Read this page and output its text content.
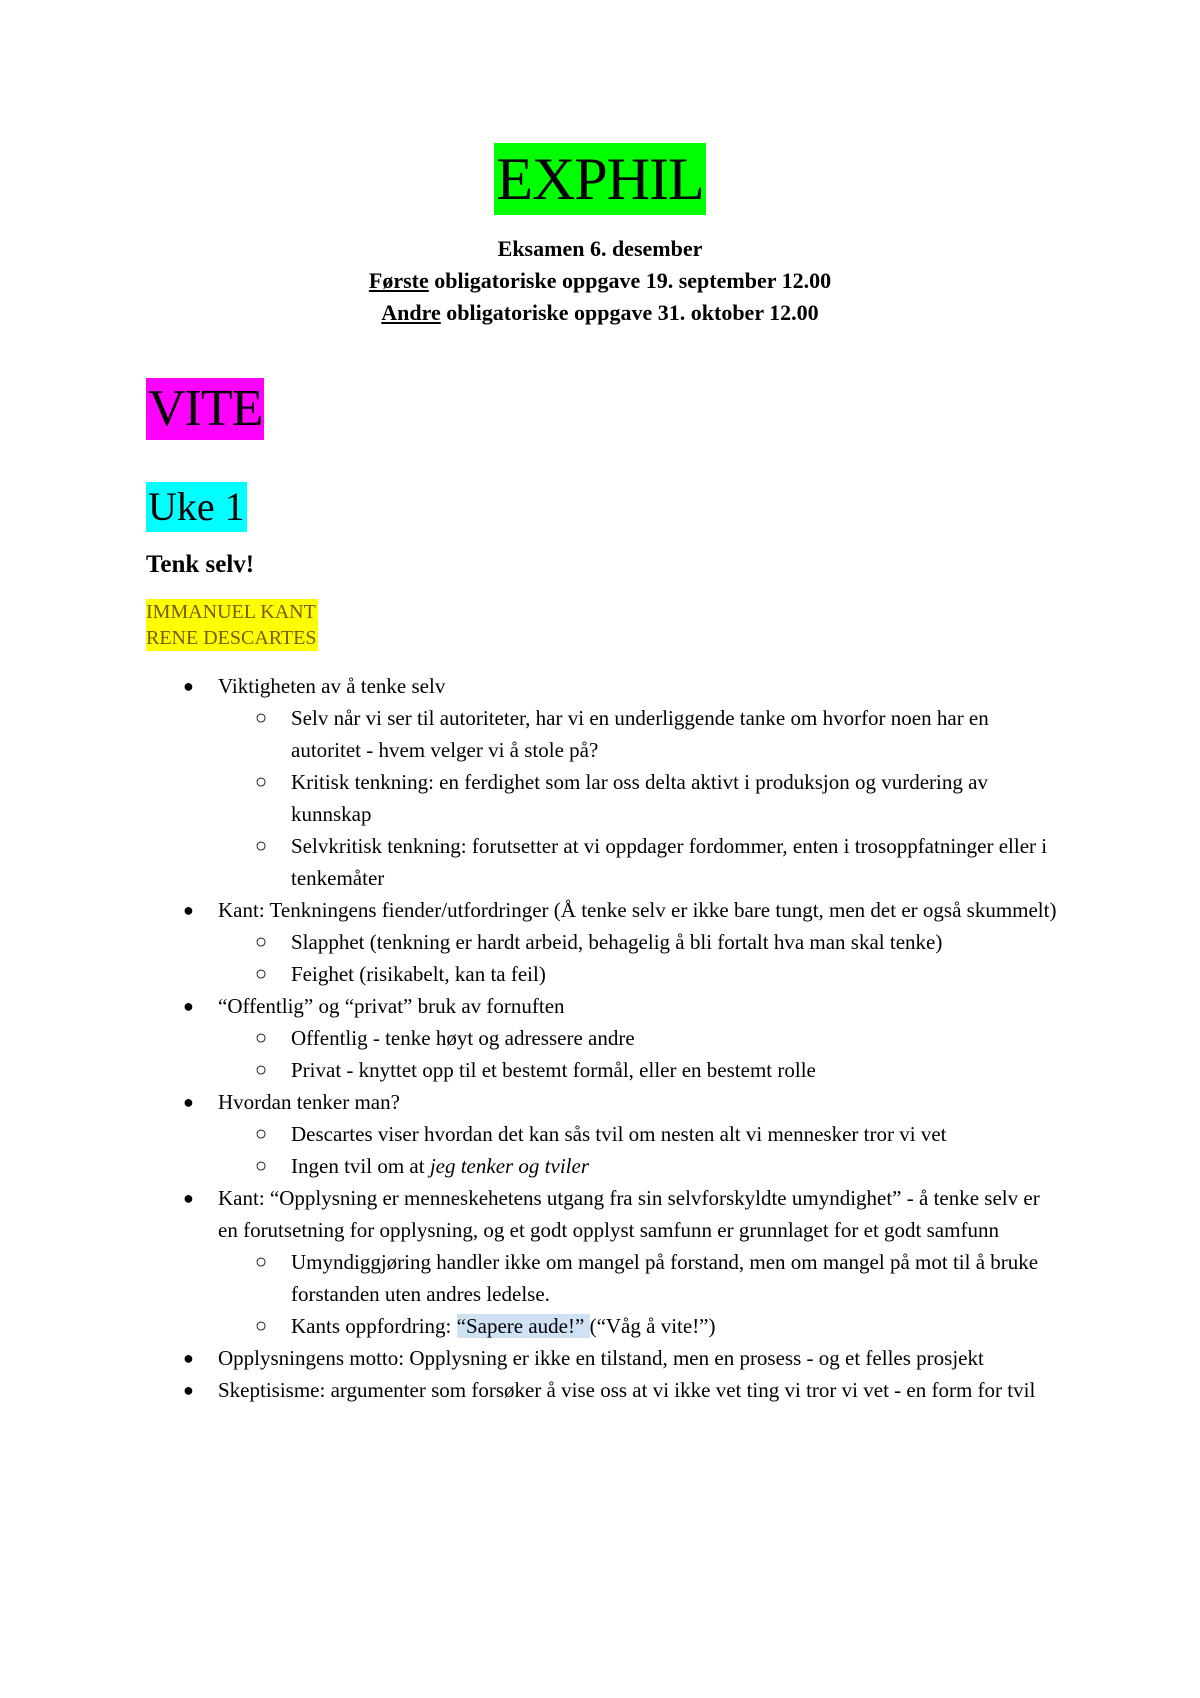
EXPHIL
Eksamen 6. desember
Første obligatoriske oppgave 19. september 12.00
Andre obligatoriske oppgave 31. oktober 12.00
VITE
Uke 1
Tenk selv!
IMMANUEL KANT
RENE DESCARTES
● Viktigheten av å tenke selv
○ Selv når vi ser til autoriteter, har vi en underliggende tanke om hvorfor noen har en autoritet - hvem velger vi å stole på?
○ Kritisk tenkning: en ferdighet som lar oss delta aktivt i produksjon og vurdering av kunnskap
○ Selvkritisk tenkning: forutsetter at vi oppdager fordommer, enten i trosoppfatninger eller i tenkemåter
● Kant: Tenkningens fiender/utfordringer (Å tenke selv er ikke bare tungt, men det er også skummelt)
○ Slapphet (tenkning er hardt arbeid, behagelig å bli fortalt hva man skal tenke)
○ Feighet (risikabelt, kan ta feil)
● “Offentlig” og “privat” bruk av fornuften
○ Offentlig - tenke høyt og adressere andre
○ Privat - knyttet opp til et bestemt formål, eller en bestemt rolle
● Hvordan tenker man?
○ Descartes viser hvordan det kan sås tvil om nesten alt vi mennesker tror vi vet
○ Ingen tvil om at jeg tenker og tviler
● Kant: “Opplysning er menneskehetens utgang fra sin selvforskyldte umyndighet” - å tenke selv er en forutsetning for opplysning, og et godt opplyst samfunn er grunnlaget for et godt samfunn
○ Umyndiggjøring handler ikke om mangel på forstand, men om mangel på mot til å bruke forstanden uten andres ledelse.
○ Kants oppfordring: “Sapere aude!” (“Våg å vite!”)
● Opplysningens motto: Opplysning er ikke en tilstand, men en prosess - og et felles prosjekt
● Skeptisisme: argumenter som forsøker å vise oss at vi ikke vet ting vi tror vi vet - en form for tvil
